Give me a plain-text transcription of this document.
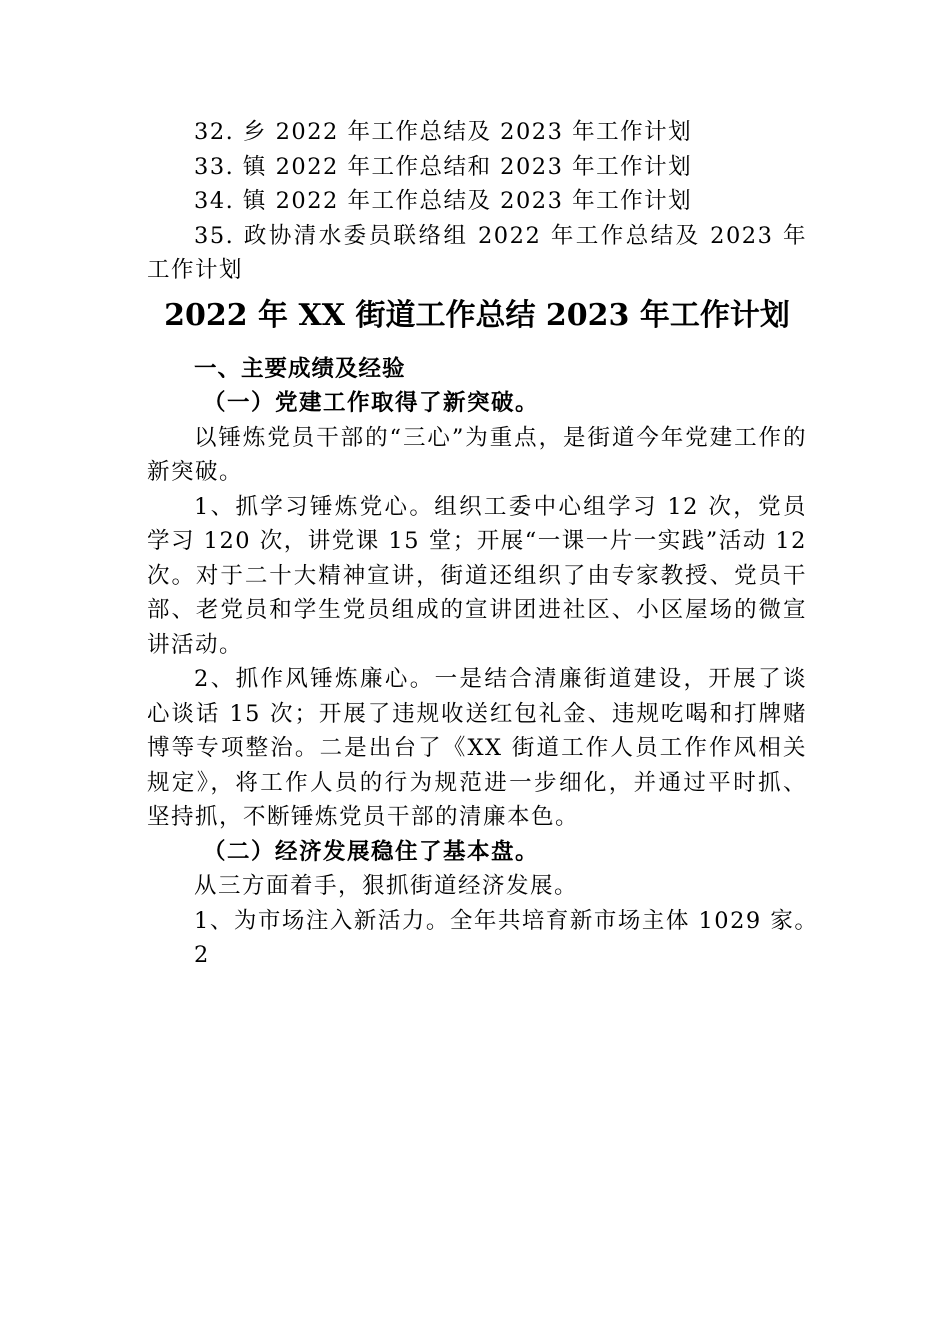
32. 乡 2022 年工作总结及 2023 年工作计划

33. 镇 2022 年工作总结和 2023 年工作计划

34. 镇 2022 年工作总结及 2023 年工作计划

35. 政协清水委员联络组 2022 年工作总结及 2023 年工作计划

2022 年 XX 街道工作总结 2023 年工作计划

一、主要成绩及经验

（一）党建工作取得了新突破。

以锤炼党员干部的“三心”为重点，是街道今年党建工作的新突破。

1、抓学习锤炼党心。组织工委中心组学习 12 次，党员学习 120 次，讲党课 15 堂；开展“一课一片一实践”活动 12 次。对于二十大精神宣讲，街道还组织了由专家教授、党员干部、老党员和学生党员组成的宣讲团进社区、小区屋场的微宣讲活动。

2、抓作风锤炼廉心。一是结合清廉街道建设，开展了谈心谈话 15 次；开展了违规收送红包礼金、违规吃喝和打牌赌博等专项整治。二是出台了《XX 街道工作人员工作作风相关规定》，将工作人员的行为规范进一步细化，并通过平时抓、坚持抓，不断锤炼党员干部的清廉本色。

（二）经济发展稳住了基本盘。

从三方面着手，狠抓街道经济发展。

1、为市场注入新活力。全年共培育新市场主体 1029 家。

2
